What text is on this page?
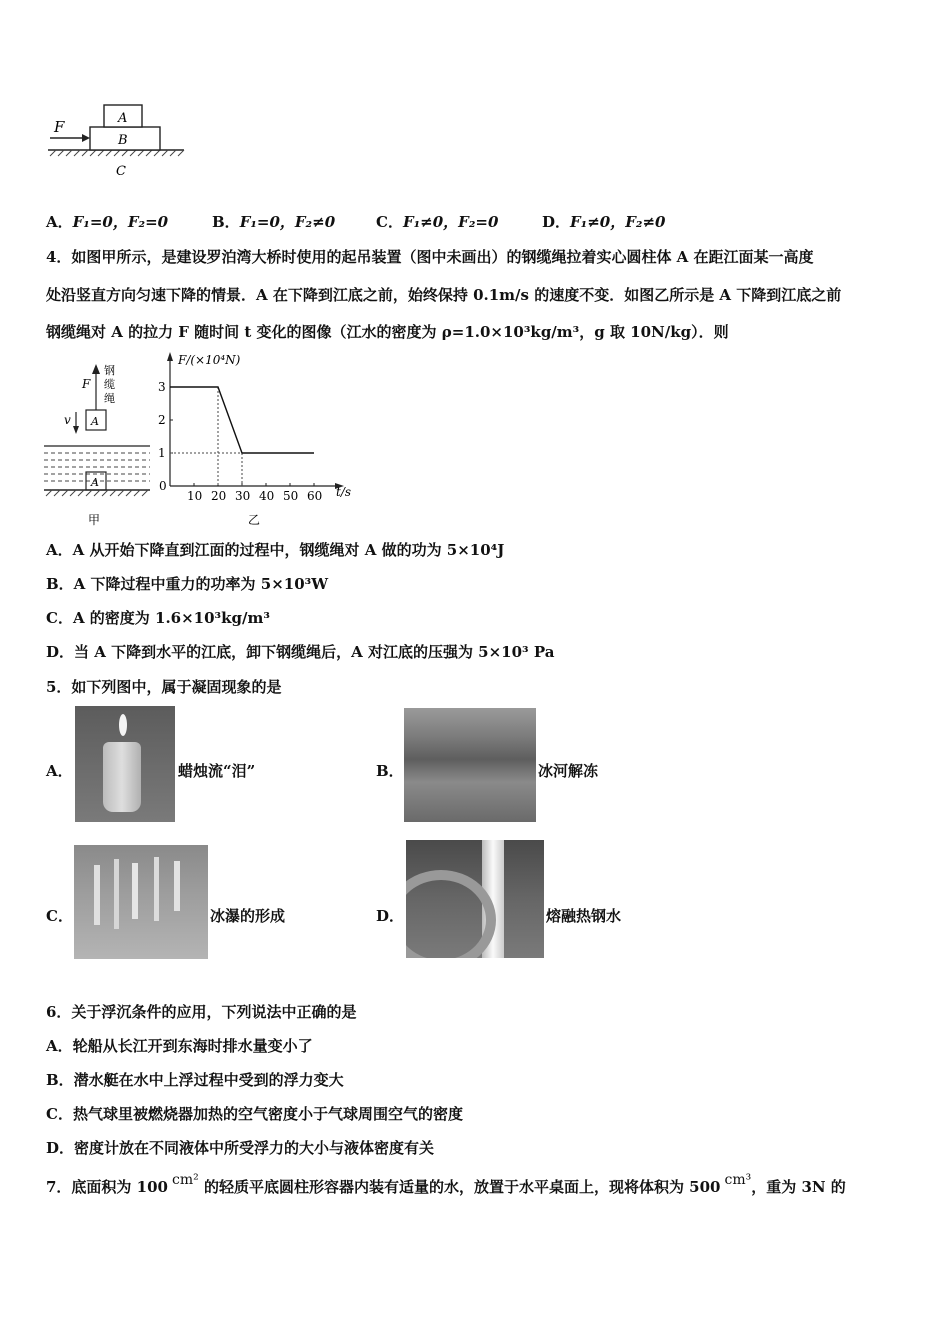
F	A
B
C
A．F₁=0，F₂=0	B．F₁=0，F₂≠0	C．F₁≠0，F₂=0	D．F₁≠0，F₂≠0
4．如图甲所示，是建设罗泊湾大桥时使用的起吊装置（图中未画出）的钢缆绳拉着实心圆柱体 A 在距江面某一高度
处沿竖直方向匀速下降的情景．A 在下降到江底之前，始终保持 0.1m/s 的速度不变．如图乙所示是 A 下降到江底之前
钢缆绳对 A 的拉力 F 随时间 t 变化的图像（江水的密度为 ρ=1.0×10³kg/m³，g 取 10N/kg）．则
钢
缆
绳
F
A
v
A
甲
F/(×10⁴N)
t/s
0
10 20 30 40 50 60
1
2
3
乙
A．A 从开始下降直到江面的过程中，钢缆绳对 A 做的功为 5×10⁴J
B．A 下降过程中重力的功率为 5×10³W
C．A 的密度为 1.6×10³kg/m³
D．当 A 下降到水平的江底，卸下钢缆绳后，A 对江底的压强为 5×10³ Pa
5．如下列图中，属于凝固现象的是
A．	蜡烛流“泪”	B．	冰河解冻
C．	冰瀑的形成	D．	熔融热钢水
6．关于浮沉条件的应用，下列说法中正确的是
A．轮船从长江开到东海时排水量变小了
B．潜水艇在水中上浮过程中受到的浮力变大
C．热气球里被燃烧器加热的空气密度小于气球周围空气的密度
D．密度计放在不同液体中所受浮力的大小与液体密度有关
7．底面积为 100 cm² 的轻质平底圆柱形容器内装有适量的水，放置于水平桌面上，现将体积为 500 cm³，重为 3N 的
